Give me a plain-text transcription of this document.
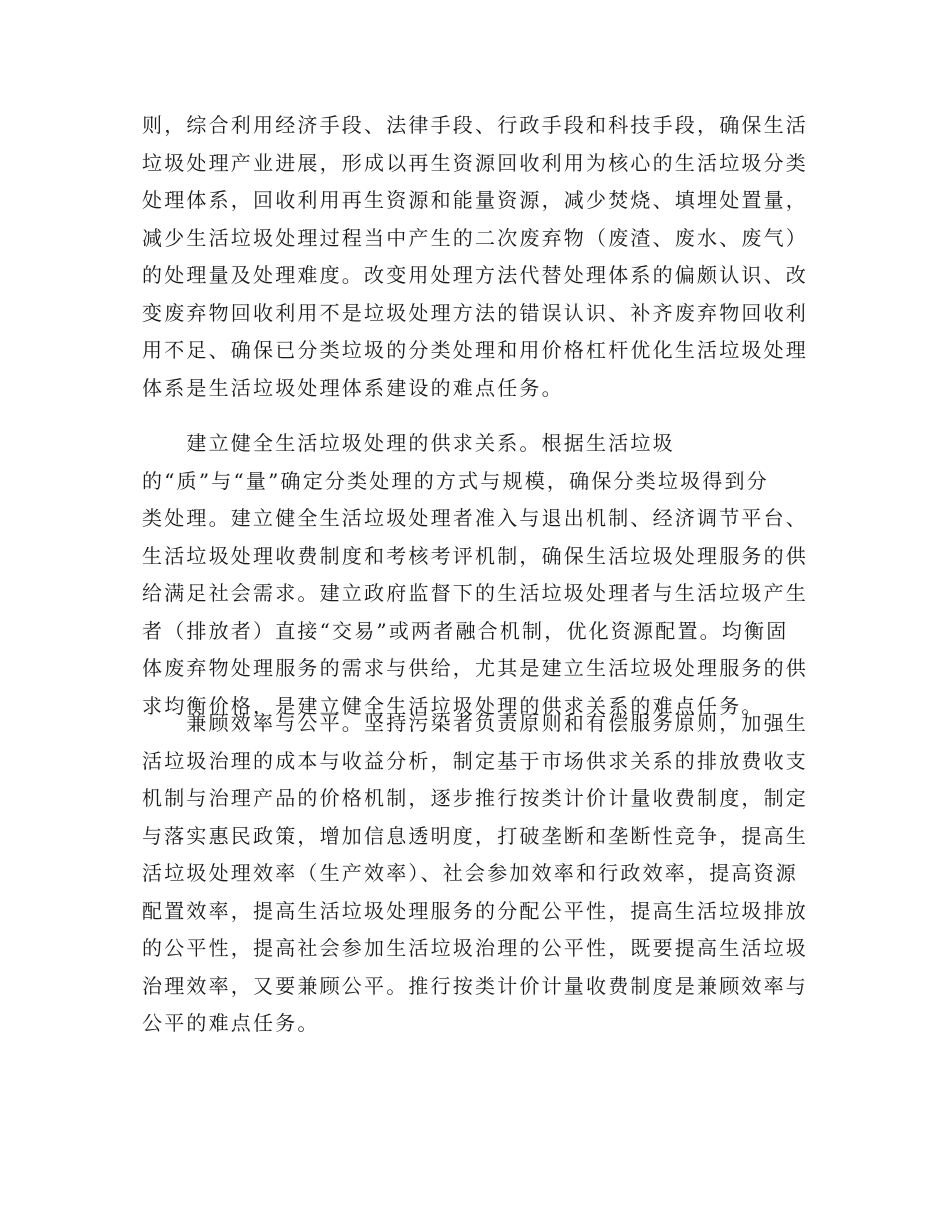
则，综合利用经济手段、法律手段、行政手段和科技手段，确保生活
垃圾处理产业进展，形成以再生资源回收利用为核心的生活垃圾分类
处理体系，回收利用再生资源和能量资源，减少焚烧、填埋处置量，
减少生活垃圾处理过程当中产生的二次废弃物（废渣、废水、废气）
的处理量及处理难度。改变用处理方法代替处理体系的偏颇认识、改
变废弃物回收利用不是垃圾处理方法的错误认识、补齐废弃物回收利
用不足、确保已分类垃圾的分类处理和用价格杠杆优化生活垃圾处理
体系是生活垃圾处理体系建设的难点任务。

　　建立健全生活垃圾处理的供求关系。根据生活垃圾
的“质”与“量”确定分类处理的方式与规模，确保分类垃圾得到分
类处理。建立健全生活垃圾处理者准入与退出机制、经济调节平台、
生活垃圾处理收费制度和考核考评机制，确保生活垃圾处理服务的供
给满足社会需求。建立政府监督下的生活垃圾处理者与生活垃圾产生
者（排放者）直接“交易”或两者融合机制，优化资源配置。均衡固
体废弃物处理服务的需求与供给，尤其是建立生活垃圾处理服务的供
求均衡价格，是建立健全生活垃圾处理的供求关系的难点任务。

　　兼顾效率与公平。坚持污染者负责原则和有偿服务原则，加强生
活垃圾治理的成本与收益分析，制定基于市场供求关系的排放费收支
机制与治理产品的价格机制，逐步推行按类计价计量收费制度，制定
与落实惠民政策，增加信息透明度，打破垄断和垄断性竞争，提高生
活垃圾处理效率（生产效率）、社会参加效率和行政效率，提高资源
配置效率，提高生活垃圾处理服务的分配公平性，提高生活垃圾排放
的公平性，提高社会参加生活垃圾治理的公平性，既要提高生活垃圾
治理效率，又要兼顾公平。推行按类计价计量收费制度是兼顾效率与
公平的难点任务。
